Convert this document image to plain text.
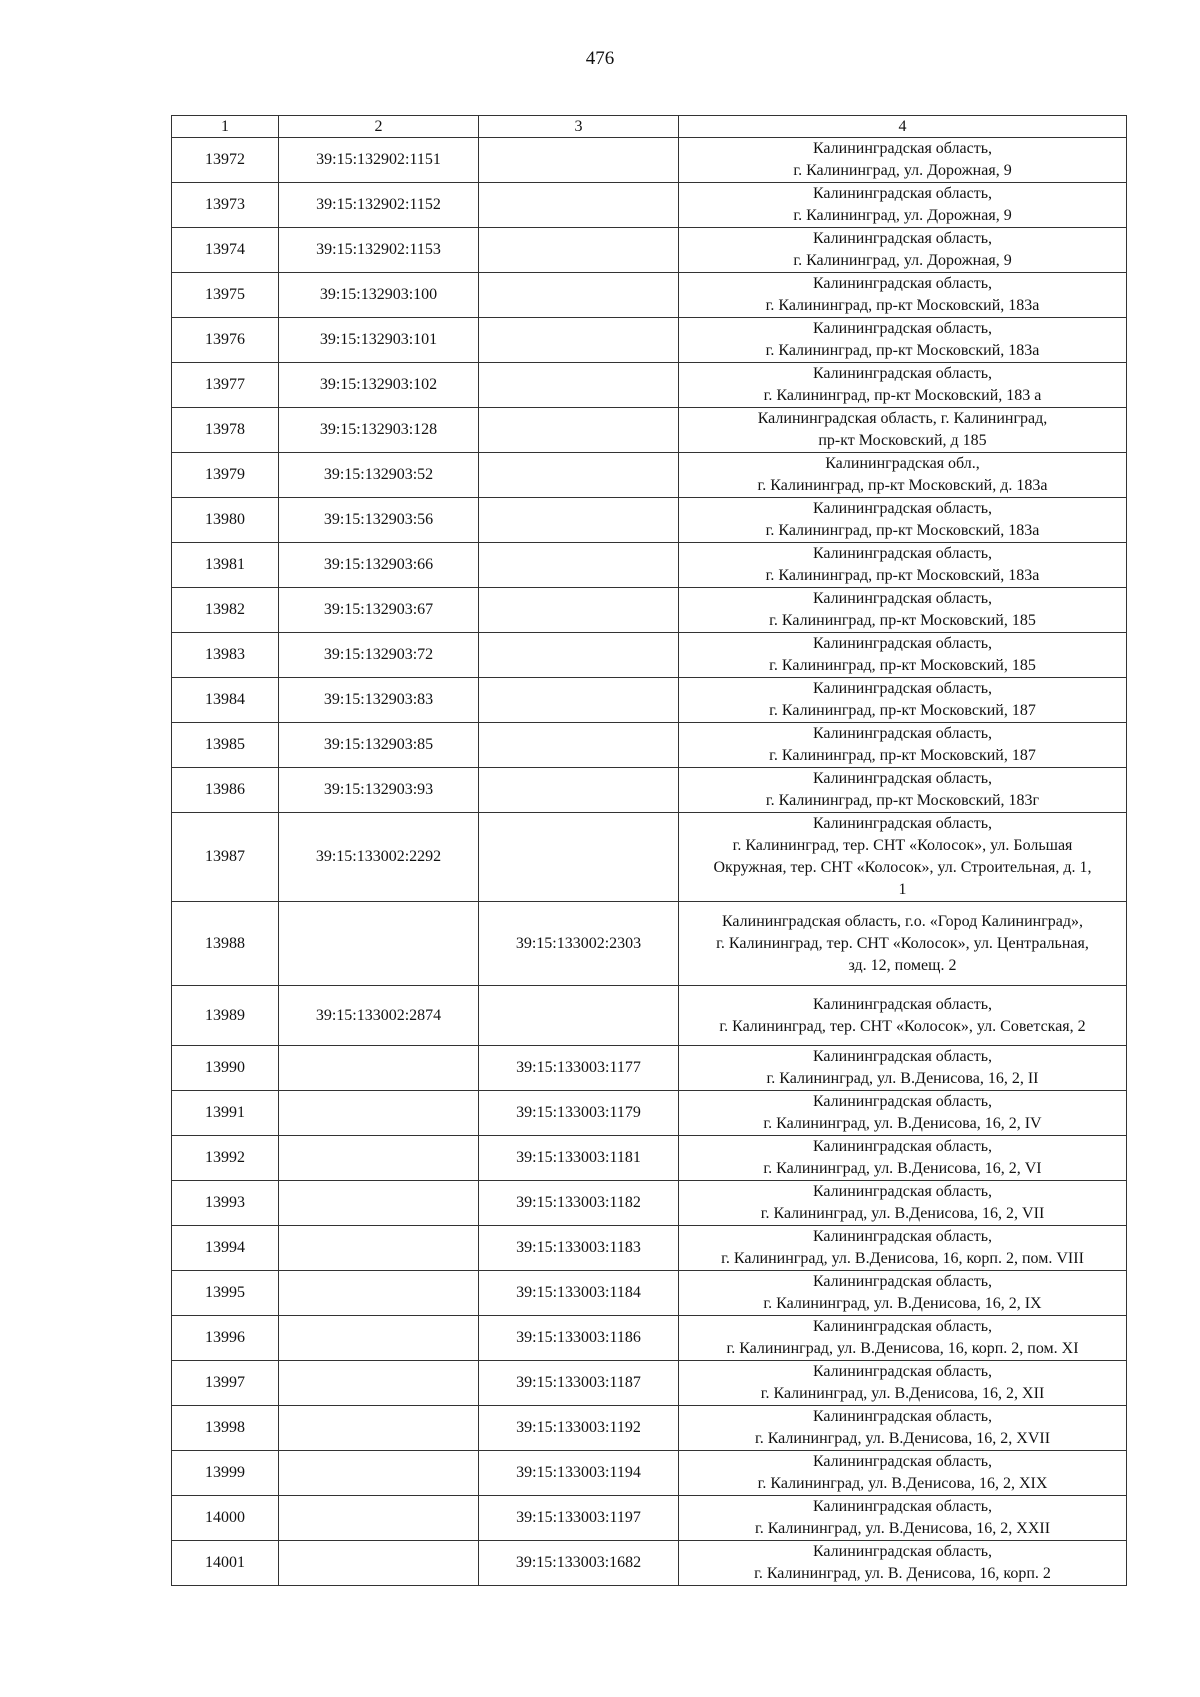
476
1	2	3	4
13972	39:15:132902:1151		Калининградская область,
г. Калининград, ул. Дорожная, 9

13973	39:15:132902:1152		Калининградская область,
г. Калининград, ул. Дорожная, 9

13974	39:15:132902:1153		Калининградская область,
г. Калининград, ул. Дорожная, 9

13975	39:15:132903:100		Калининградская область,
г. Калининград, пр-кт Московский, 183а

13976	39:15:132903:101		Калининградская область,
г. Калининград, пр-кт Московский, 183а

13977	39:15:132903:102		Калининградская область,
г. Калининград, пр-кт Московский, 183 а

13978	39:15:132903:128		Калининградская область, г. Калининград,
пр-кт Московский, д 185

13979	39:15:132903:52		Калининградская обл.,
г. Калининград, пр-кт Московский, д. 183а

13980	39:15:132903:56		Калининградская область,
г. Калининград, пр-кт Московский, 183а

13981	39:15:132903:66		Калининградская область,
г. Калининград, пр-кт Московский, 183а

13982	39:15:132903:67		Калининградская область,
г. Калининград, пр-кт Московский, 185

13983	39:15:132903:72		Калининградская область,
г. Калининград, пр-кт Московский, 185

13984	39:15:132903:83		Калининградская область,
г. Калининград, пр-кт Московский, 187

13985	39:15:132903:85		Калининградская область,
г. Калининград, пр-кт Московский, 187

13986	39:15:132903:93		Калининградская область,
г. Калининград, пр-кт Московский, 183г

13987	39:15:133002:2292		Калининградская область,
г. Калининград, тер. СНТ «Колосок», ул. Большая
Окружная, тер. СНТ «Колосок», ул. Строительная, д. 1,
1

13988		39:15:133002:2303	Калининградская область, г.о. «Город Калининград»,
г. Калининград, тер. СНТ «Колосок», ул. Центральная,
зд. 12, помещ. 2

13989	39:15:133002:2874		Калининградская область,
г. Калининград, тер. СНТ «Колосок», ул. Советская, 2

13990		39:15:133003:1177	Калининградская область,
г. Калининград, ул. В.Денисова, 16, 2, II

13991		39:15:133003:1179	Калининградская область,
г. Калининград, ул. В.Денисова, 16, 2, IV

13992		39:15:133003:1181	Калининградская область,
г. Калининград, ул. В.Денисова, 16, 2, VI

13993		39:15:133003:1182	Калининградская область,
г. Калининград, ул. В.Денисова, 16, 2, VII

13994		39:15:133003:1183	Калининградская область,
г. Калининград, ул. В.Денисова, 16, корп. 2, пом. VIII

13995		39:15:133003:1184	Калининградская область,
г. Калининград, ул. В.Денисова, 16, 2, IX

13996		39:15:133003:1186	Калининградская область,
г. Калининград, ул. В.Денисова, 16, корп. 2, пом. XI

13997		39:15:133003:1187	Калининградская область,
г. Калининград, ул. В.Денисова, 16, 2, XII

13998		39:15:133003:1192	Калининградская область,
г. Калининград, ул. В.Денисова, 16, 2, XVII

13999		39:15:133003:1194	Калининградская область,
г. Калининград, ул. В.Денисова, 16, 2, XIX

14000		39:15:133003:1197	Калининградская область,
г. Калининград, ул. В.Денисова, 16, 2, XXII

14001		39:15:133003:1682	Калининградская область,
г. Калининград, ул. В. Денисова, 16, корп. 2
